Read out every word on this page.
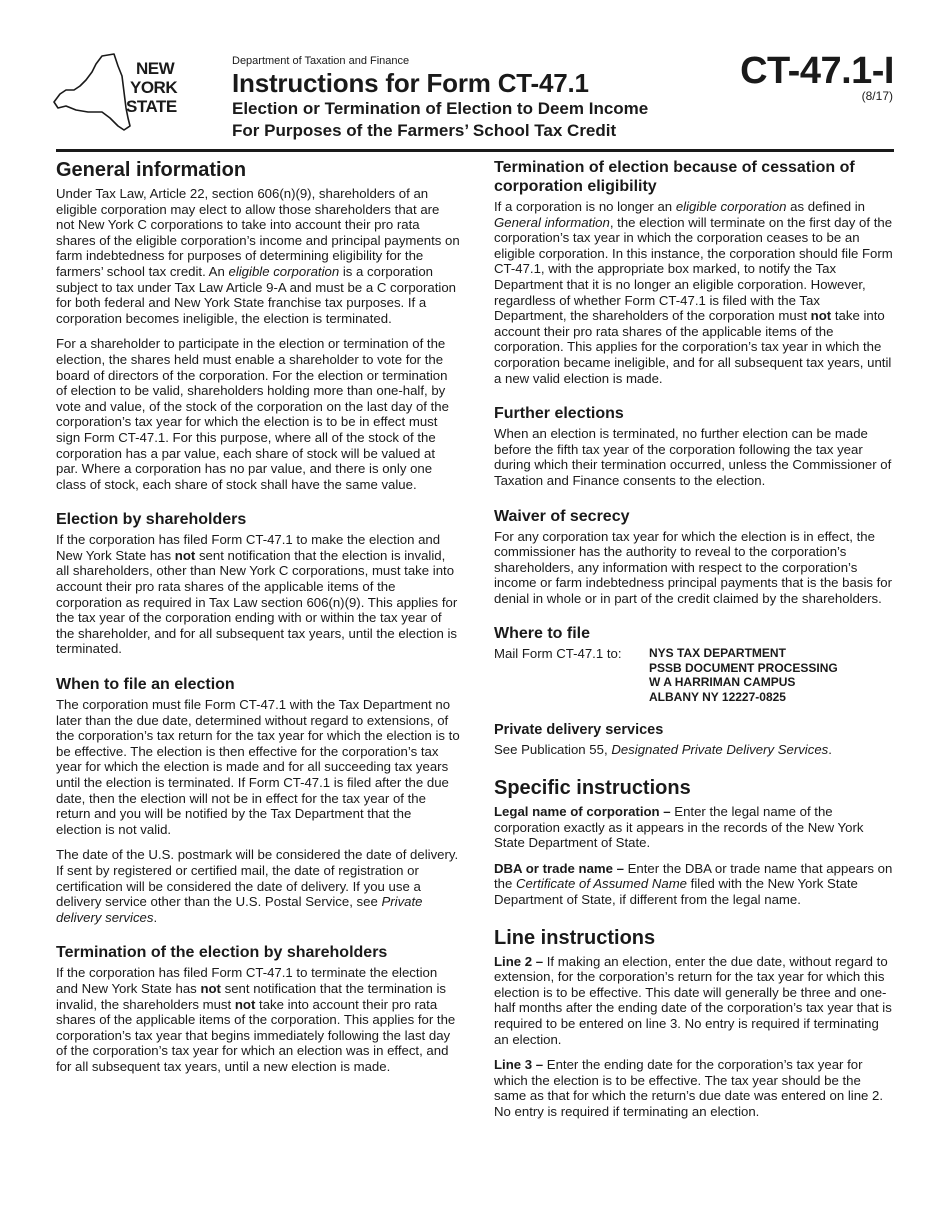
NEW
YORK
STATE
Department of Taxation and Finance
Instructions for Form CT-47.1
Election or Termination of Election to Deem Income
For Purposes of the Farmers’ School Tax Credit
CT-47.1-I
(8/17)
General information

Under Tax Law, Article 22, section 606(n)(9), shareholders of an eligible corporation may elect to allow those shareholders that are not New York C corporations to take into account their pro rata shares of the eligible corporation’s income and principal payments on farm indebtedness for purposes of determining eligibility for the farmers’ school tax credit. An eligible corporation is a corporation subject to tax under Tax Law Article 9-A and must be a C corporation for both federal and New York State franchise tax purposes. If a corporation becomes ineligible, the election is terminated.

For a shareholder to participate in the election or termination of the election, the shares held must enable a shareholder to vote for the board of directors of the corporation. For the election or termination of election to be valid, shareholders holding more than one-half, by vote and value, of the stock of the corporation on the last day of the corporation’s tax year for which the election is to be in effect must sign Form CT-47.1. For this purpose, where all of the stock of the corporation has a par value, each share of stock will be valued at par. Where a corporation has no par value, and there is only one class of stock, each share of stock shall have the same value.

Election by shareholders

If the corporation has filed Form CT-47.1 to make the election and New York State has not sent notification that the election is invalid, all shareholders, other than New York C corporations, must take into account their pro rata shares of the applicable items of the corporation as required in Tax Law section 606(n)(9). This applies for the tax year of the corporation ending with or within the tax year of the shareholder, and for all subsequent tax years, until the election is terminated.

When to file an election

The corporation must file Form CT-47.1 with the Tax Department no later than the due date, determined without regard to extensions, of the corporation’s tax return for the tax year for which the election is to be effective. The election is then effective for the corporation’s tax year for which the election is made and for all succeeding tax years until the election is terminated. If Form CT-47.1 is filed after the due date, then the election will not be in effect for the tax year of the return and you will be notified by the Tax Department that the election is not valid.

The date of the U.S. postmark will be considered the date of delivery. If sent by registered or certified mail, the date of registration or certification will be considered the date of delivery. If you use a delivery service other than the U.S. Postal Service, see Private delivery services.

Termination of the election by shareholders

If the corporation has filed Form CT-47.1 to terminate the election and New York State has not sent notification that the termination is invalid, the shareholders must not take into account their pro rata shares of the applicable items of the corporation. This applies for the corporation’s tax year that begins immediately following the last day of the corporation’s tax year for which an election was in effect, and for all subsequent tax years, until a new election is made.

Termination of election because of cessation of corporation eligibility

If a corporation is no longer an eligible corporation as defined in General information, the election will terminate on the first day of the corporation’s tax year in which the corporation ceases to be an eligible corporation. In this instance, the corporation should file Form CT-47.1, with the appropriate box marked, to notify the Tax Department that it is no longer an eligible corporation. However, regardless of whether Form CT-47.1 is filed with the Tax Department, the shareholders of the corporation must not take into account their pro rata shares of the applicable items of the corporation. This applies for the corporation’s tax year in which the corporation became ineligible, and for all subsequent tax years, until a new valid election is made.

Further elections

When an election is terminated, no further election can be made before the fifth tax year of the corporation following the tax year during which their termination occurred, unless the Commissioner of Taxation and Finance consents to the election.

Waiver of secrecy

For any corporation tax year for which the election is in effect, the commissioner has the authority to reveal to the corporation’s shareholders, any information with respect to the corporation’s income or farm indebtedness principal payments that is the basis for denial in whole or in part of the credit claimed by the shareholders.

Where to file
Mail Form CT-47.1 to:	NYS TAX DEPARTMENT
PSSB DOCUMENT PROCESSING
W A HARRIMAN CAMPUS
ALBANY NY 12227-0825
Private delivery services

See Publication 55, Designated Private Delivery Services.

Specific instructions

Legal name of corporation – Enter the legal name of the corporation exactly as it appears in the records of the New York State Department of State.

DBA or trade name – Enter the DBA or trade name that appears on the Certificate of Assumed Name filed with the New York State Department of State, if different from the legal name.

Line instructions

Line 2 – If making an election, enter the due date, without regard to extension, for the corporation’s return for the tax year for which this election is to be effective. This date will generally be three and one-half months after the ending date of the corporation’s tax year that is required to be entered on line 3. No entry is required if terminating an election.

Line 3 – Enter the ending date for the corporation’s tax year for which the election is to be effective. The tax year should be the same as that for which the return’s due date was entered on line 2. No entry is required if terminating an election.
